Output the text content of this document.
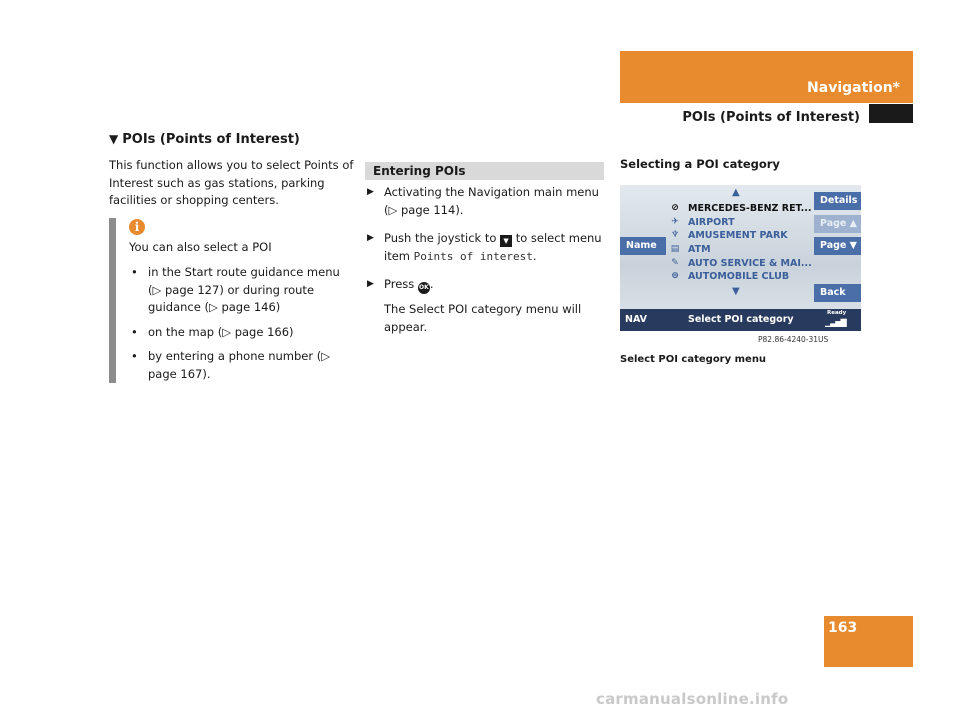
Navigation*
POIs (Points of Interest)
▼ POIs (Points of Interest)
This function allows you to select Points of Interest such as gas stations, parking facilities or shopping centers.
i
You can also select a POI
• in the Start route guidance menu (▷ page 127) or during route guidance (▷ page 146)
• on the map (▷ page 166)
• by entering a phone number (▷ page 167).
Entering POIs
▶ Activating the Navigation main menu (▷ page 114).
▶ Push the joystick to ▼ to select menu item Points of interest.
▶ Press OK.
The Select POI category menu will appear.
Selecting a POI category
▲
⊘ MERCEDES-BENZ RET...
✈ AIRPORT
♆ AMUSEMENT PARK
▤ ATM
✎ AUTO SERVICE & MAI...
⊜ AUTOMOBILE CLUB
▼
Details
Page ▲
Name	Page ▼
Back
NAV	Select POI category
Ready
▁▃▅▇
P82.86-4240-31US
Select POI category menu
163
carmanualsonline.info
